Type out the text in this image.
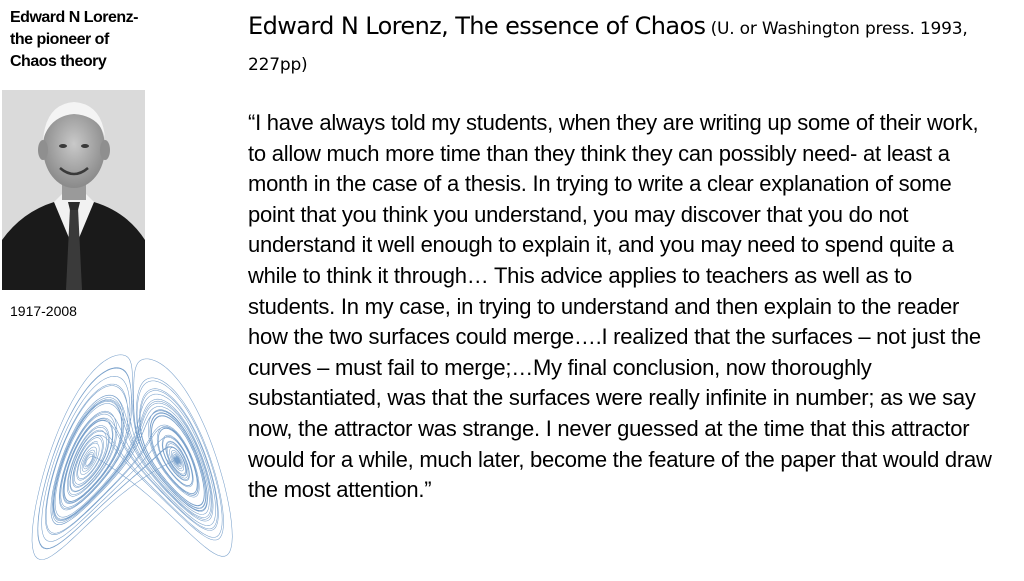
Edward N Lorenz-
the pioneer of
Chaos theory
1917-2008
Edward N Lorenz, The essence of Chaos (U. or Washington press. 1993, 227pp)
“I have always told my students, when they are writing up some of their work, to allow much more time than they think they can possibly need- at least a month in the case of a thesis. In trying to write a clear explanation of some point that you think you understand, you may discover that you do not understand it well enough to explain it, and you may need to spend quite a while to think it through… This advice applies to teachers as well as to students. In my case, in trying to understand and then explain to the reader how the two surfaces could merge….I realized that the surfaces – not just the curves – must fail to merge;…My final conclusion, now thoroughly substantiated, was that the surfaces were really infinite in number; as we say now, the attractor was strange. I never guessed at the time that this attractor would for a while, much later, become the feature of the paper that would draw the most attention.”
